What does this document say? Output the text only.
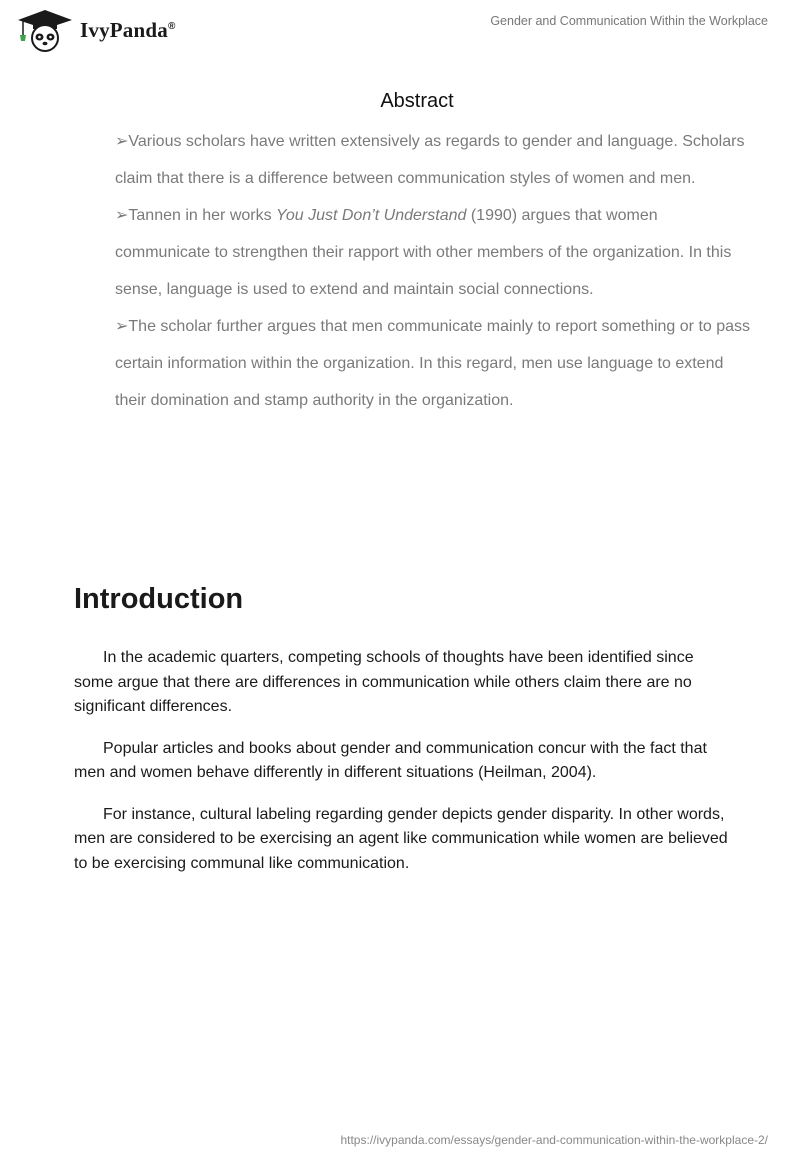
IvyPanda®	Gender and Communication Within the Workplace
Abstract

➢Various scholars have written extensively as regards to gender and language. Scholars claim that there is a difference between communication styles of women and men.

➢Tannen in her works You Just Don’t Understand (1990) argues that women communicate to strengthen their rapport with other members of the organization. In this sense, language is used to extend and maintain social connections.

➢The scholar further argues that men communicate mainly to report something or to pass certain information within the organization. In this regard, men use language to extend their domination and stamp authority in the organization.

Introduction

In the academic quarters, competing schools of thoughts have been identified since some argue that there are differences in communication while others claim there are no significant differences.

Popular articles and books about gender and communication concur with the fact that men and women behave differently in different situations (Heilman, 2004).

For instance, cultural labeling regarding gender depicts gender disparity. In other words, men are considered to be exercising an agent like communication while women are believed to be exercising communal like communication.

https://ivypanda.com/essays/gender-and-communication-within-the-workplace-2/
